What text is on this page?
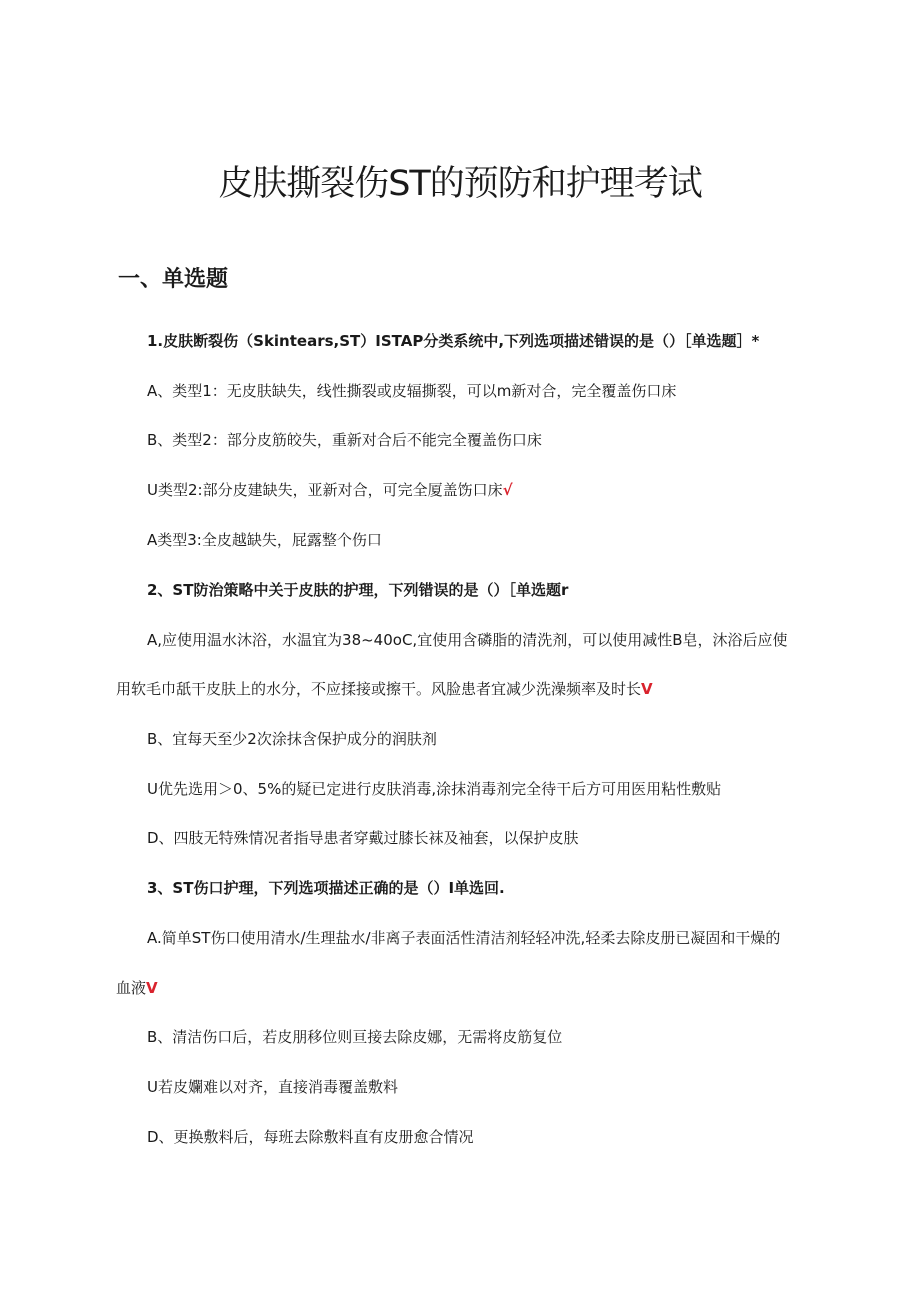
皮肤撕裂伤ST的预防和护理考试
一、单选题

1.皮肤断裂伤（Skintears,ST）ISTAP分类系统中,下列选项描述错误的是（）［单选题］*

A、类型1：无皮肤缺失，线性撕裂或皮辐撕裂，可以m新对合，完全覆盖伤口床

B、类型2：部分皮筋皎失，重新对合后不能完全覆盖伤口床

U类型2:部分皮建缺失，亚新对合，可完全厦盖饬口床√

A类型3:全皮越缺失，屁露整个伤口

2、ST防治策略中关于皮肤的护理，下列错误的是（）［单选题r

A,应使用温水沐浴，水温宜为38~40oC,宜使用含磷脂的清洗剂，可以使用减性B皂，沐浴后应使

用软毛巾舐干皮肤上的水分，不应揉接或擦干。风脸患者宜减少洗澡频率及时长V

B、宜每天至少2次涂抹含保护成分的润肤剂

U优先选用＞0、5%的疑已定进行皮肤消毒,涂抹消毒剂完全待干后方可用医用粘性敷贴

D、四肢无特殊情况者指导患者穿戴过膝长袜及袖套，以保护皮肤

3、ST伤口护理，下列选项描述正确的是（）I单选回.

A.简单ST伤口使用清水/生理盐水/非离子表面活性清洁剂轻轻冲洗,轻柔去除皮册已凝固和干燥的

血液V

B、清洁伤口后，若皮朋移位则亘接去除皮娜，无需将皮筋复位

U若皮孄难以对齐，直接消毒覆盖敷料

D、更换敷料后，每班去除敷料直有皮册愈合情况
